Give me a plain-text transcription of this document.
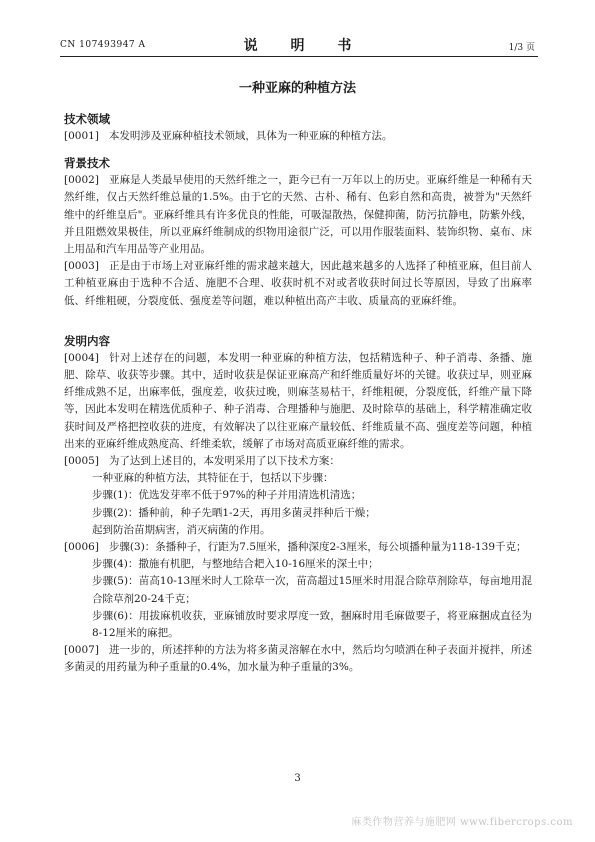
CN 107493947 A	说 明 书	1/3 页
一种亚麻的种植方法
技术领域

[0001] 本发明涉及亚麻种植技术领域，具体为一种亚麻的种植方法。

背景技术

[0002] 亚麻是人类最早使用的天然纤维之一，距今已有一万年以上的历史。亚麻纤维是一种稀有天然纤维，仅占天然纤维总量的1.5%。由于它的天然、古朴、稀有、色彩自然和高贵，被誉为"天然纤维中的纤维皇后"。亚麻纤维具有许多优良的性能，可吸湿散热，保健抑菌，防污抗静电，防紫外线，并且阻燃效果极佳，所以亚麻纤维制成的织物用途很广泛，可以用作服装面料、装饰织物、桌布、床上用品和汽车用品等产业用品。

[0003] 正是由于市场上对亚麻纤维的需求越来越大，因此越来越多的人选择了种植亚麻，但目前人工种植亚麻由于选种不合适、施肥不合理、收获时机不对或者收获时间过长等原因，导致了出麻率低、纤维粗硬，分裂度低、强度差等问题，难以种植出高产丰收、质量高的亚麻纤维。

发明内容

[0004] 针对上述存在的问题，本发明一种亚麻的种植方法，包括精选种子、种子消毒、条播、施肥、除草、收获等步骤。其中，适时收获是保证亚麻高产和纤维质量好坏的关键。收获过早，则亚麻纤维成熟不足，出麻率低，强度差，收获过晚，则麻茎易枯干，纤维粗硬，分裂度低，纤维产量下降等，因此本发明在精选优质种子、种子消毒、合理播种与施肥、及时除草的基础上，科学精准确定收获时间及严格把控收获的进度，有效解决了以往亚麻产量较低、纤维质量不高、强度差等问题，种植出来的亚麻纤维成熟度高、纤维柔软，缓解了市场对高质亚麻纤维的需求。

[0005] 为了达到上述目的，本发明采用了以下技术方案：

一种亚麻的种植方法，其特征在于，包括以下步骤：

步骤(1)：优选发芽率不低于97%的种子并用清选机清选；

步骤(2)：播种前，种子先晒1-2天，再用多菌灵拌种后干燥；

起到防治苗期病害，消灭病菌的作用。

[0006] 步骤(3)：条播种子，行距为7.5厘米，播种深度2-3厘米，每公顷播种量为118-139千克；

步骤(4)：撒施有机肥，与整地结合耙入10-16厘米的深土中；

步骤(5)：苗高10-13厘米时人工除草一次，苗高超过15厘米时用混合除草剂除草，每亩地用混合除草剂20-24千克；

步骤(6)：用拔麻机收获，亚麻铺放时要求厚度一致，捆麻时用毛麻做要子，将亚麻捆成直径为8-12厘米的麻把。

[0007] 进一步的，所述拌种的方法为将多菌灵溶解在水中，然后均匀喷洒在种子表面并搅拌，所述多菌灵的用药量为种子重量的0.4%，加水量为种子重量的3%。

3
麻类作物营养与施肥网 www.fibercrops.com
